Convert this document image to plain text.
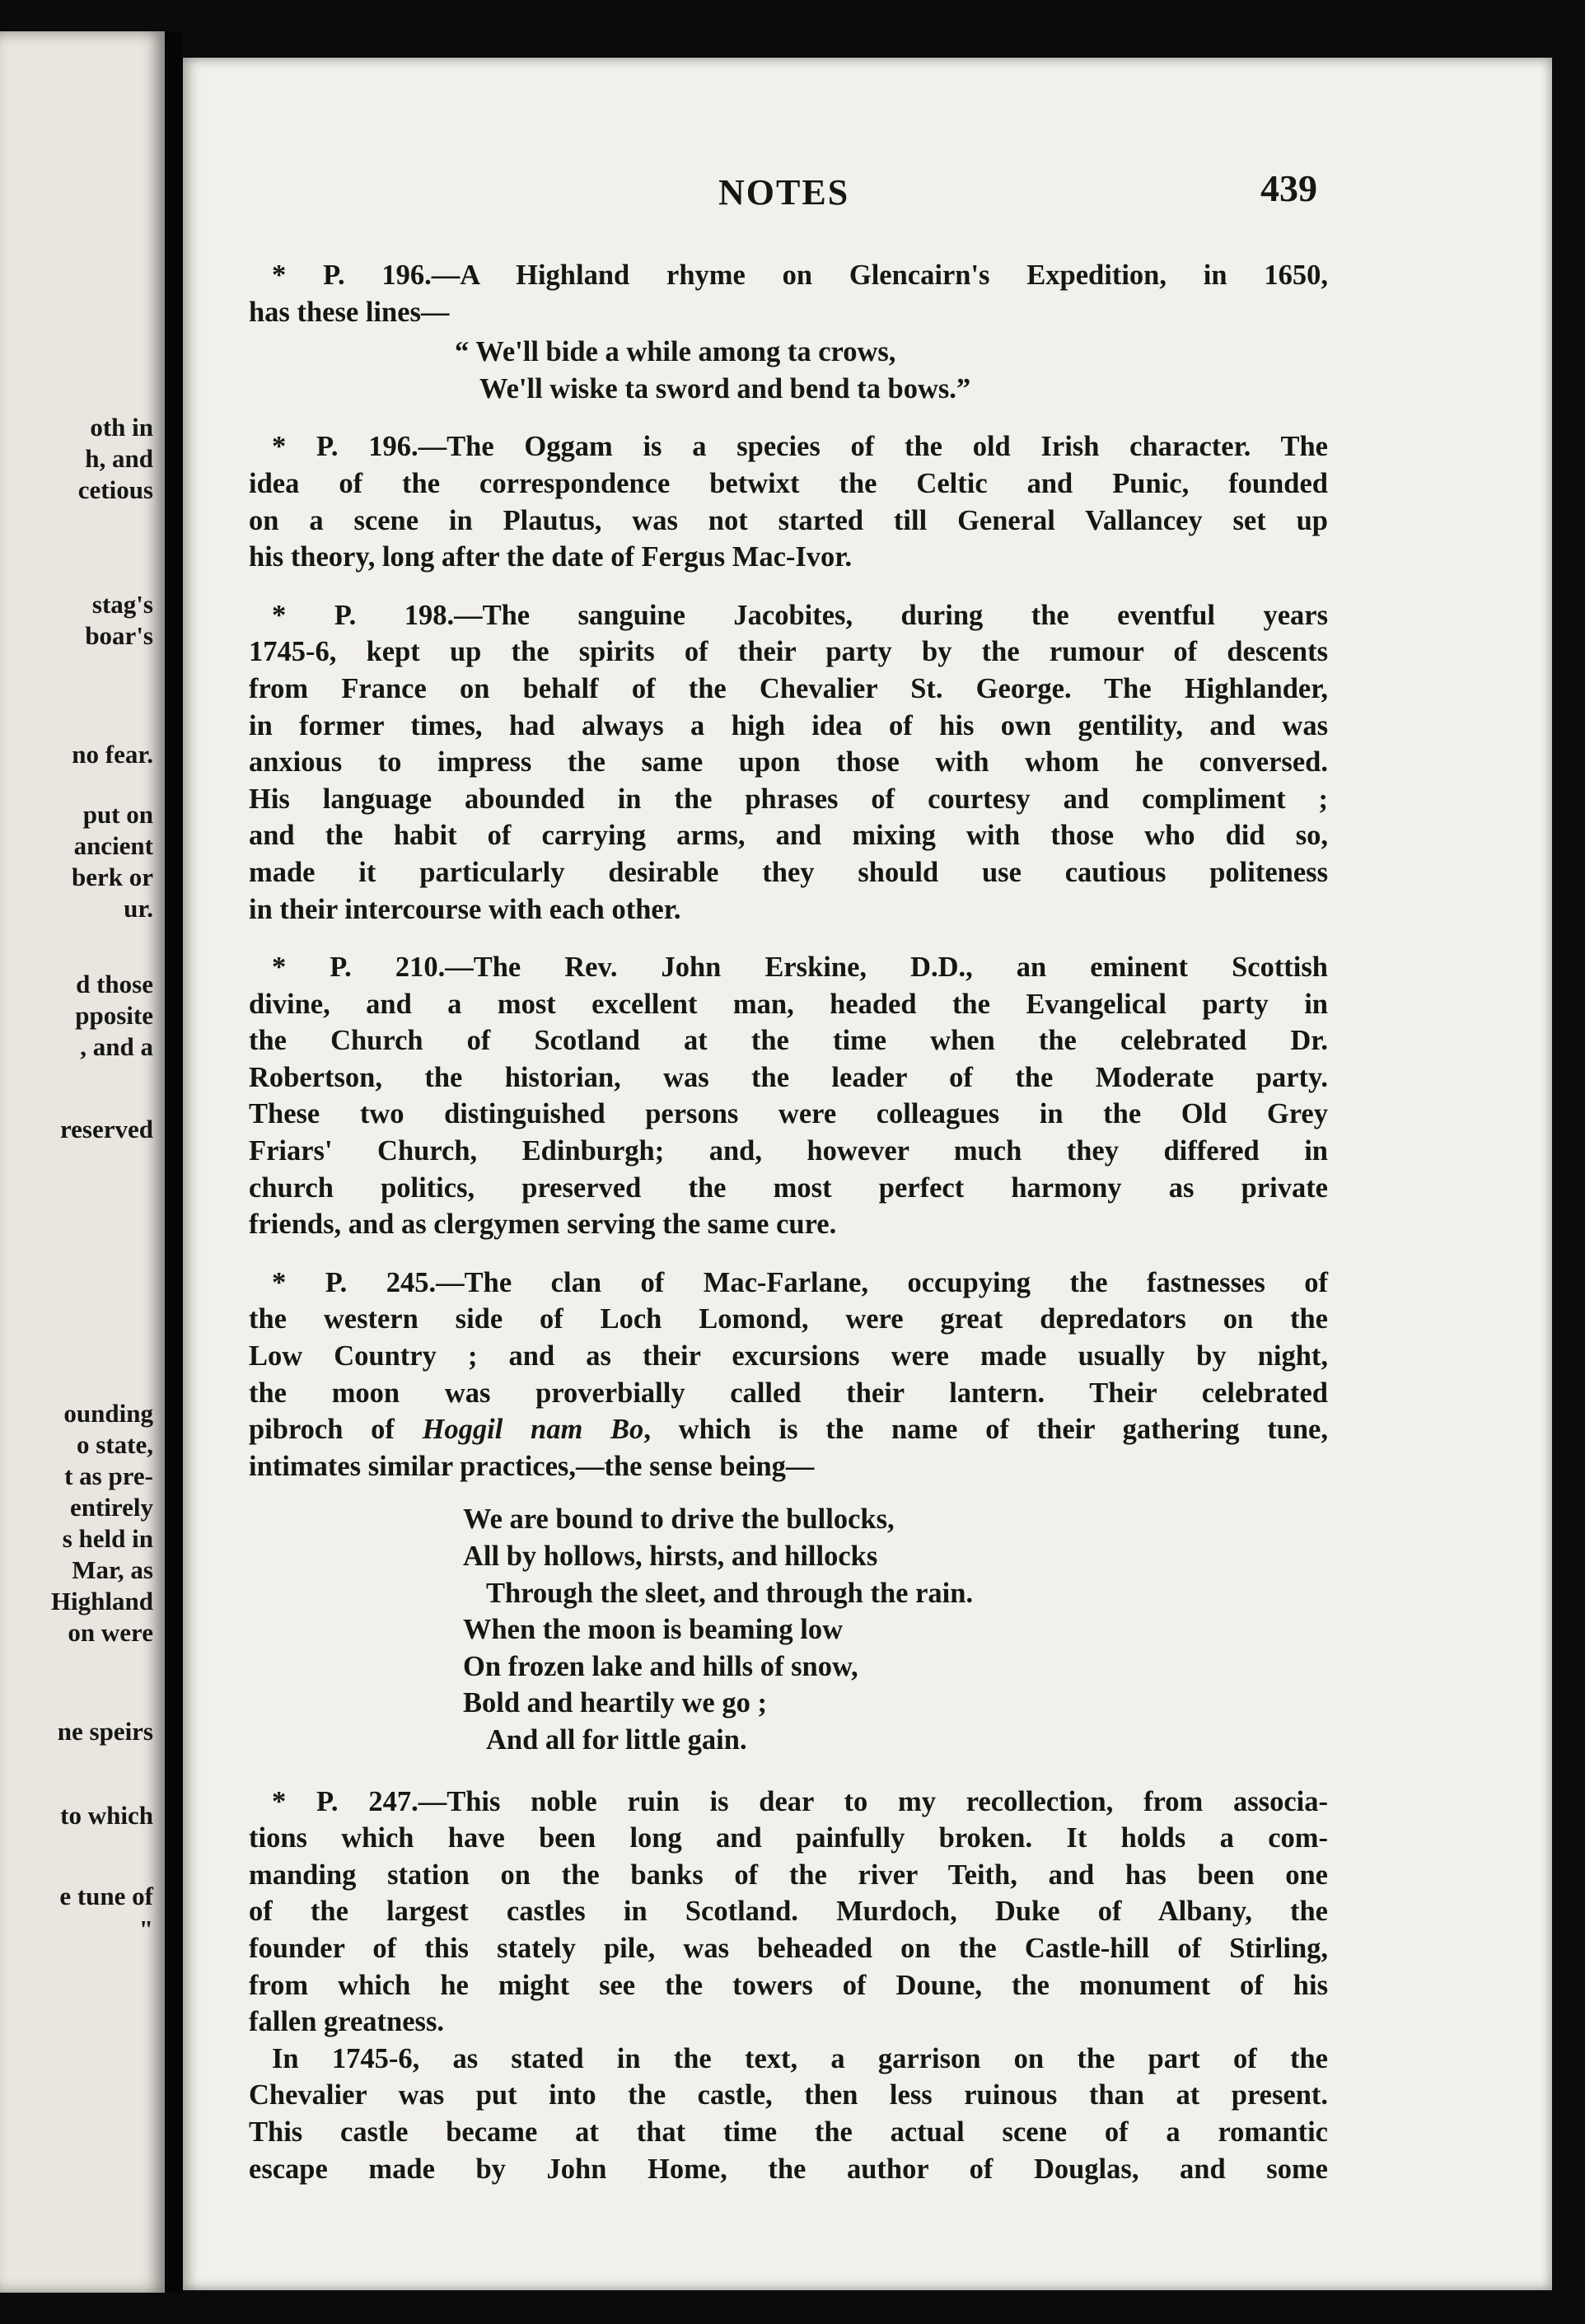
oth in
h, and
cetious
stag's
boar's
no fear.
put on
ancient
berk or
ur.
d those
pposite
, and a
reserved
ounding
o state,
t as pre-
entirely
s held in
Mar, as
Highland
on were
ne speirs
to which
e tune of
"
NOTES	439
* P. 196.—A Highland rhyme on Glencairn's Expedition, in 1650,
has these lines—
“ We'll bide a while among ta crows,
We'll wiske ta sword and bend ta bows.”
* P. 196.—The Oggam is a species of the old Irish character. The
idea of the correspondence betwixt the Celtic and Punic, founded
on a scene in Plautus, was not started till General Vallancey set up
his theory, long after the date of Fergus Mac-Ivor.
* P. 198.—The sanguine Jacobites, during the eventful years
1745-6, kept up the spirits of their party by the rumour of descents
from France on behalf of the Chevalier St. George. The Highlander,
in former times, had always a high idea of his own gentility, and was
anxious to impress the same upon those with whom he conversed.
His language abounded in the phrases of courtesy and compliment ;
and the habit of carrying arms, and mixing with those who did so,
made it particularly desirable they should use cautious politeness
in their intercourse with each other.
* P. 210.—The Rev. John Erskine, D.D., an eminent Scottish
divine, and a most excellent man, headed the Evangelical party in
the Church of Scotland at the time when the celebrated Dr.
Robertson, the historian, was the leader of the Moderate party.
These two distinguished persons were colleagues in the Old Grey
Friars' Church, Edinburgh; and, however much they differed in
church politics, preserved the most perfect harmony as private
friends, and as clergymen serving the same cure.
* P. 245.—The clan of Mac-Farlane, occupying the fastnesses of
the western side of Loch Lomond, were great depredators on the
Low Country ; and as their excursions were made usually by night,
the moon was proverbially called their lantern. Their celebrated
pibroch of Hoggil nam Bo, which is the name of their gathering tune,
intimates similar practices,—the sense being—
We are bound to drive the bullocks,
All by hollows, hirsts, and hillocks
Through the sleet, and through the rain.
When the moon is beaming low
On frozen lake and hills of snow,
Bold and heartily we go ;
And all for little gain.
* P. 247.—This noble ruin is dear to my recollection, from associa-
tions which have been long and painfully broken. It holds a com-
manding station on the banks of the river Teith, and has been one
of the largest castles in Scotland. Murdoch, Duke of Albany, the
founder of this stately pile, was beheaded on the Castle-hill of Stirling,
from which he might see the towers of Doune, the monument of his
fallen greatness.
In 1745-6, as stated in the text, a garrison on the part of the
Chevalier was put into the castle, then less ruinous than at present.
This castle became at that time the actual scene of a romantic
escape made by John Home, the author of Douglas, and some
